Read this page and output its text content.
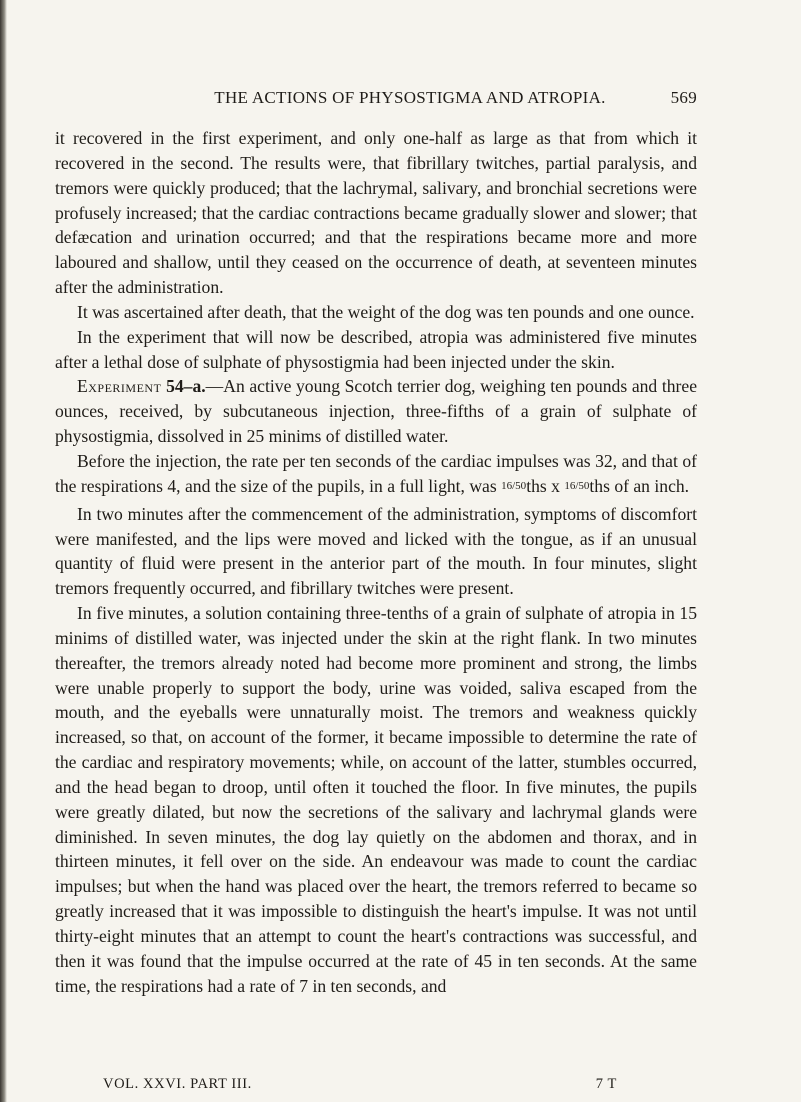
THE ACTIONS OF PHYSOSTIGMA AND ATROPIA.	569

it recovered in the first experiment, and only one-half as large as that from which it recovered in the second. The results were, that fibrillary twitches, partial paralysis, and tremors were quickly produced; that the lachrymal, salivary, and bronchial secretions were profusely increased; that the cardiac contractions became gradually slower and slower; that defæcation and urination occurred; and that the respirations became more and more laboured and shallow, until they ceased on the occurrence of death, at seventeen minutes after the administration.

It was ascertained after death, that the weight of the dog was ten pounds and one ounce.

In the experiment that will now be described, atropia was administered five minutes after a lethal dose of sulphate of physostigmia had been injected under the skin.

Experiment 54–a.—An active young Scotch terrier dog, weighing ten pounds and three ounces, received, by subcutaneous injection, three-fifths of a grain of sulphate of physostigmia, dissolved in 25 minims of distilled water.

Before the injection, the rate per ten seconds of the cardiac impulses was 32, and that of the respirations 4, and the size of the pupils, in a full light, was 16/50ths x 16/50ths of an inch.

In two minutes after the commencement of the administration, symptoms of discomfort were manifested, and the lips were moved and licked with the tongue, as if an unusual quantity of fluid were present in the anterior part of the mouth. In four minutes, slight tremors frequently occurred, and fibrillary twitches were present.

In five minutes, a solution containing three-tenths of a grain of sulphate of atropia in 15 minims of distilled water, was injected under the skin at the right flank. In two minutes thereafter, the tremors already noted had become more prominent and strong, the limbs were unable properly to support the body, urine was voided, saliva escaped from the mouth, and the eyeballs were unnaturally moist. The tremors and weakness quickly increased, so that, on account of the former, it became impossible to determine the rate of the cardiac and respiratory movements; while, on account of the latter, stumbles occurred, and the head began to droop, until often it touched the floor. In five minutes, the pupils were greatly dilated, but now the secretions of the salivary and lachrymal glands were diminished. In seven minutes, the dog lay quietly on the abdomen and thorax, and in thirteen minutes, it fell over on the side. An endeavour was made to count the cardiac impulses; but when the hand was placed over the heart, the tremors referred to became so greatly increased that it was impossible to distinguish the heart's impulse. It was not until thirty-eight minutes that an attempt to count the heart's contractions was successful, and then it was found that the impulse occurred at the rate of 45 in ten seconds. At the same time, the respirations had a rate of 7 in ten seconds, and

VOL. XXVI. PART III.	7 T
